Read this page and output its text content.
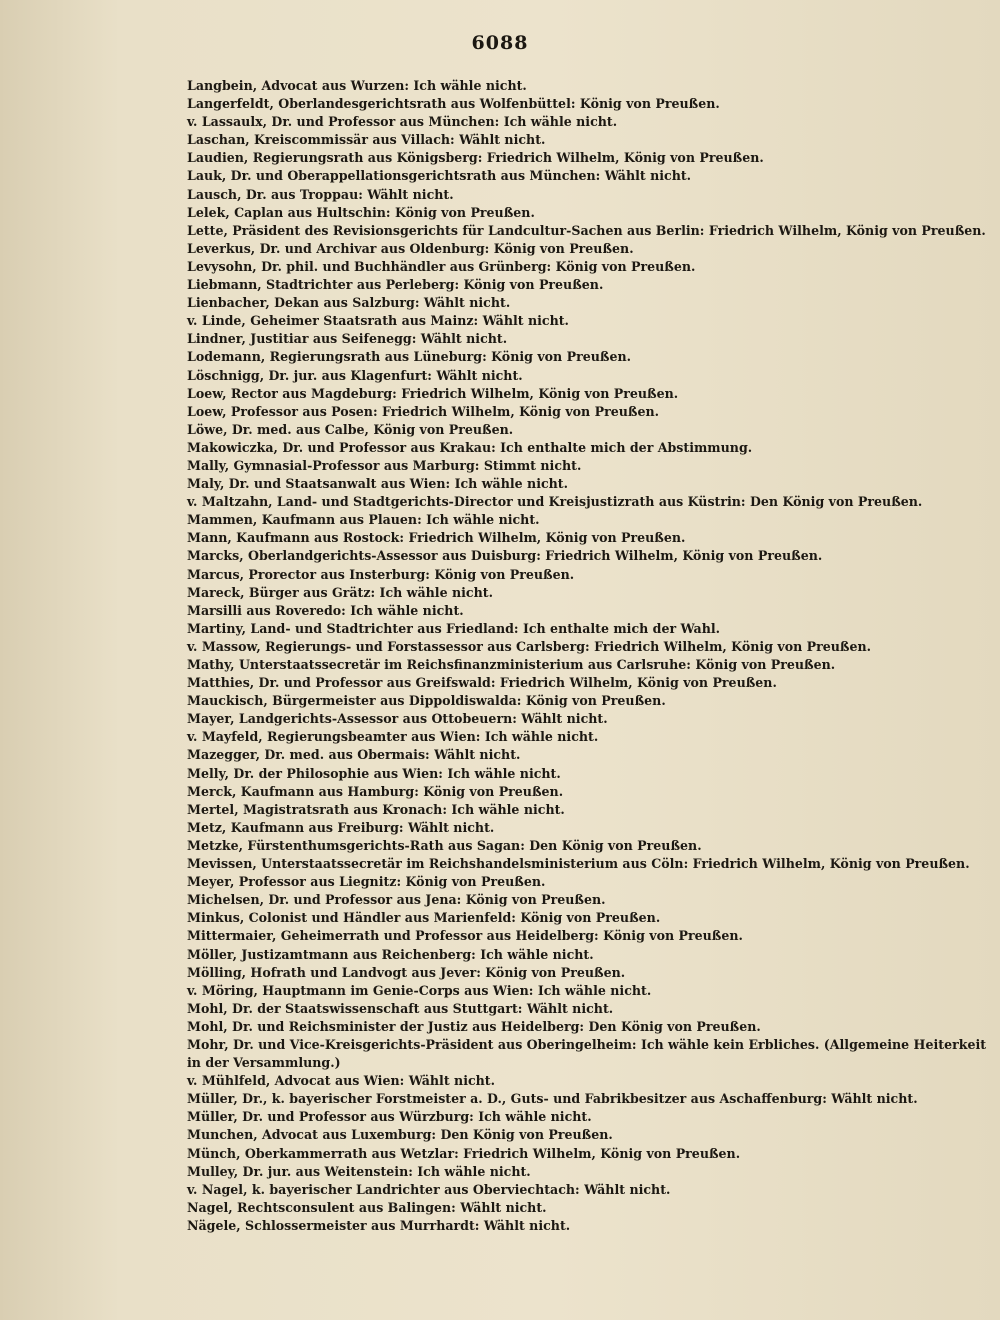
6088
Langbein, Advocat aus Wurzen: Ich wähle nicht.
Langerfeldt, Oberlandesgerichtsrath aus Wolfenbüttel: König von Preußen.
v. Lassaulx, Dr. und Professor aus München: Ich wähle nicht.
Laschan, Kreiscommissär aus Villach: Wählt nicht.
Laudien, Regierungsrath aus Königsberg: Friedrich Wilhelm, König von Preußen.
Lauk, Dr. und Oberappellationsgerichtsrath aus München: Wählt nicht.
Lausch, Dr. aus Troppau: Wählt nicht.
Lelek, Caplan aus Hultschin: König von Preußen.
Lette, Präsident des Revisionsgerichts für Landcultur-Sachen aus Berlin: Friedrich Wilhelm, König von Preußen.
Leverkus, Dr. und Archivar aus Oldenburg: König von Preußen.
Levysohn, Dr. phil. und Buchhändler aus Grünberg: König von Preußen.
Liebmann, Stadtrichter aus Perleberg: König von Preußen.
Lienbacher, Dekan aus Salzburg: Wählt nicht.
v. Linde, Geheimer Staatsrath aus Mainz: Wählt nicht.
Lindner, Justitiar aus Seifenegg: Wählt nicht.
Lodemann, Regierungsrath aus Lüneburg: König von Preußen.
Löschnigg, Dr. jur. aus Klagenfurt: Wählt nicht.
Loew, Rector aus Magdeburg: Friedrich Wilhelm, König von Preußen.
Loew, Professor aus Posen: Friedrich Wilhelm, König von Preußen.
Löwe, Dr. med. aus Calbe, König von Preußen.
Makowiczka, Dr. und Professor aus Krakau: Ich enthalte mich der Abstimmung.
Mally, Gymnasial-Professor aus Marburg: Stimmt nicht.
Maly, Dr. und Staatsanwalt aus Wien: Ich wähle nicht.
v. Maltzahn, Land- und Stadtgerichts-Director und Kreisjustizrath aus Küstrin: Den König von Preußen.
Mammen, Kaufmann aus Plauen: Ich wähle nicht.
Mann, Kaufmann aus Rostock: Friedrich Wilhelm, König von Preußen.
Marcks, Oberlandgerichts-Assessor aus Duisburg: Friedrich Wilhelm, König von Preußen.
Marcus, Prorector aus Insterburg: König von Preußen.
Mareck, Bürger aus Grätz: Ich wähle nicht.
Marsilli aus Roveredo: Ich wähle nicht.
Martiny, Land- und Stadtrichter aus Friedland: Ich enthalte mich der Wahl.
v. Massow, Regierungs- und Forstassessor aus Carlsberg: Friedrich Wilhelm, König von Preußen.
Mathy, Unterstaatssecretär im Reichsfinanzministerium aus Carlsruhe: König von Preußen.
Matthies, Dr. und Professor aus Greifswald: Friedrich Wilhelm, König von Preußen.
Mauckisch, Bürgermeister aus Dippoldiswalda: König von Preußen.
Mayer, Landgerichts-Assessor aus Ottobeuern: Wählt nicht.
v. Mayfeld, Regierungsbeamter aus Wien: Ich wähle nicht.
Mazegger, Dr. med. aus Obermais: Wählt nicht.
Melly, Dr. der Philosophie aus Wien: Ich wähle nicht.
Merck, Kaufmann aus Hamburg: König von Preußen.
Mertel, Magistratsrath aus Kronach: Ich wähle nicht.
Metz, Kaufmann aus Freiburg: Wählt nicht.
Metzke, Fürstenthumsgerichts-Rath aus Sagan: Den König von Preußen.
Mevissen, Unterstaatssecretär im Reichshandelsministerium aus Cöln: Friedrich Wilhelm, König von Preußen.
Meyer, Professor aus Liegnitz: König von Preußen.
Michelsen, Dr. und Professor aus Jena: König von Preußen.
Minkus, Colonist und Händler aus Marienfeld: König von Preußen.
Mittermaier, Geheimerrath und Professor aus Heidelberg: König von Preußen.
Möller, Justizamtmann aus Reichenberg: Ich wähle nicht.
Mölling, Hofrath und Landvogt aus Jever: König von Preußen.
v. Möring, Hauptmann im Genie-Corps aus Wien: Ich wähle nicht.
Mohl, Dr. der Staatswissenschaft aus Stuttgart: Wählt nicht.
Mohl, Dr. und Reichsminister der Justiz aus Heidelberg: Den König von Preußen.
Mohr, Dr. und Vice-Kreisgerichts-Präsident aus Oberingelheim: Ich wähle kein Erbliches. (Allgemeine Heiterkeit in der Versammlung.)
v. Mühlfeld, Advocat aus Wien: Wählt nicht.
Müller, Dr., k. bayerischer Forstmeister a. D., Guts- und Fabrikbesitzer aus Aschaffenburg: Wählt nicht.
Müller, Dr. und Professor aus Würzburg: Ich wähle nicht.
Munchen, Advocat aus Luxemburg: Den König von Preußen.
Münch, Oberkammerrath aus Wetzlar: Friedrich Wilhelm, König von Preußen.
Mulley, Dr. jur. aus Weitenstein: Ich wähle nicht.
v. Nagel, k. bayerischer Landrichter aus Oberviechtach: Wählt nicht.
Nagel, Rechtsconsulent aus Balingen: Wählt nicht.
Nägele, Schlossermeister aus Murrhardt: Wählt nicht.
